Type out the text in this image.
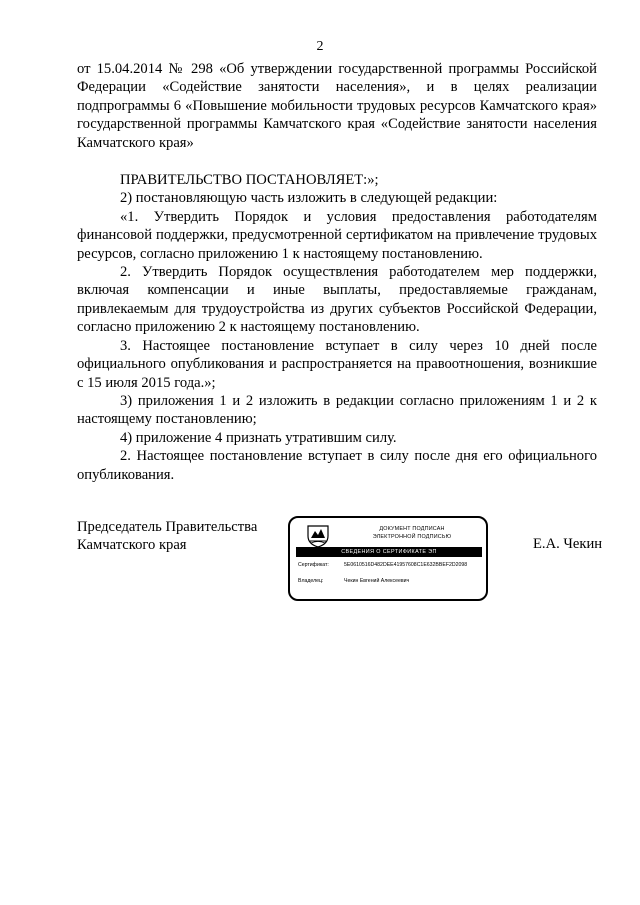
2

от 15.04.2014 № 298 «Об утверждении государственной программы Российской Федерации «Содействие занятости населения», и в целях реализации подпрограммы 6 «Повышение мобильности трудовых ресурсов Камчатского края» государственной программы Камчатского края «Содействие занятости населения Камчатского края»

ПРАВИТЕЛЬСТВО ПОСТАНОВЛЯЕТ:»;

2) постановляющую часть изложить в следующей редакции:

«1. Утвердить Порядок и условия предоставления работодателям финансовой поддержки, предусмотренной сертификатом на привлечение трудовых ресурсов, согласно приложению 1 к настоящему постановлению.

2. Утвердить Порядок осуществления работодателем мер поддержки, включая компенсации и иные выплаты, предоставляемые гражданам, привлекаемым для трудоустройства из других субъектов Российской Федерации, согласно приложению 2 к настоящему постановлению.

3. Настоящее постановление вступает в силу через 10 дней после официального опубликования и распространяется на правоотношения, возникшие с 15 июля 2015 года.»;

3) приложения 1 и 2 изложить в редакции согласно приложениям 1 и 2 к настоящему постановлению;

4) приложение 4 признать утратившим силу.

2. Настоящее постановление вступает в силу после дня его официального опубликования.

Председатель Правительства
Камчатского края
ДОКУМЕНТ ПОДПИСАН
ЭЛЕКТРОННОЙ ПОДПИСЬЮ
СВЕДЕНИЯ О СЕРТИФИКАТЕ ЭП
Сертификат:	5E0610516D482DEE41957608C1E632BBEF2D2098
Владелец:	Чекин Евгений Алексеевич
Е.А. Чекин
